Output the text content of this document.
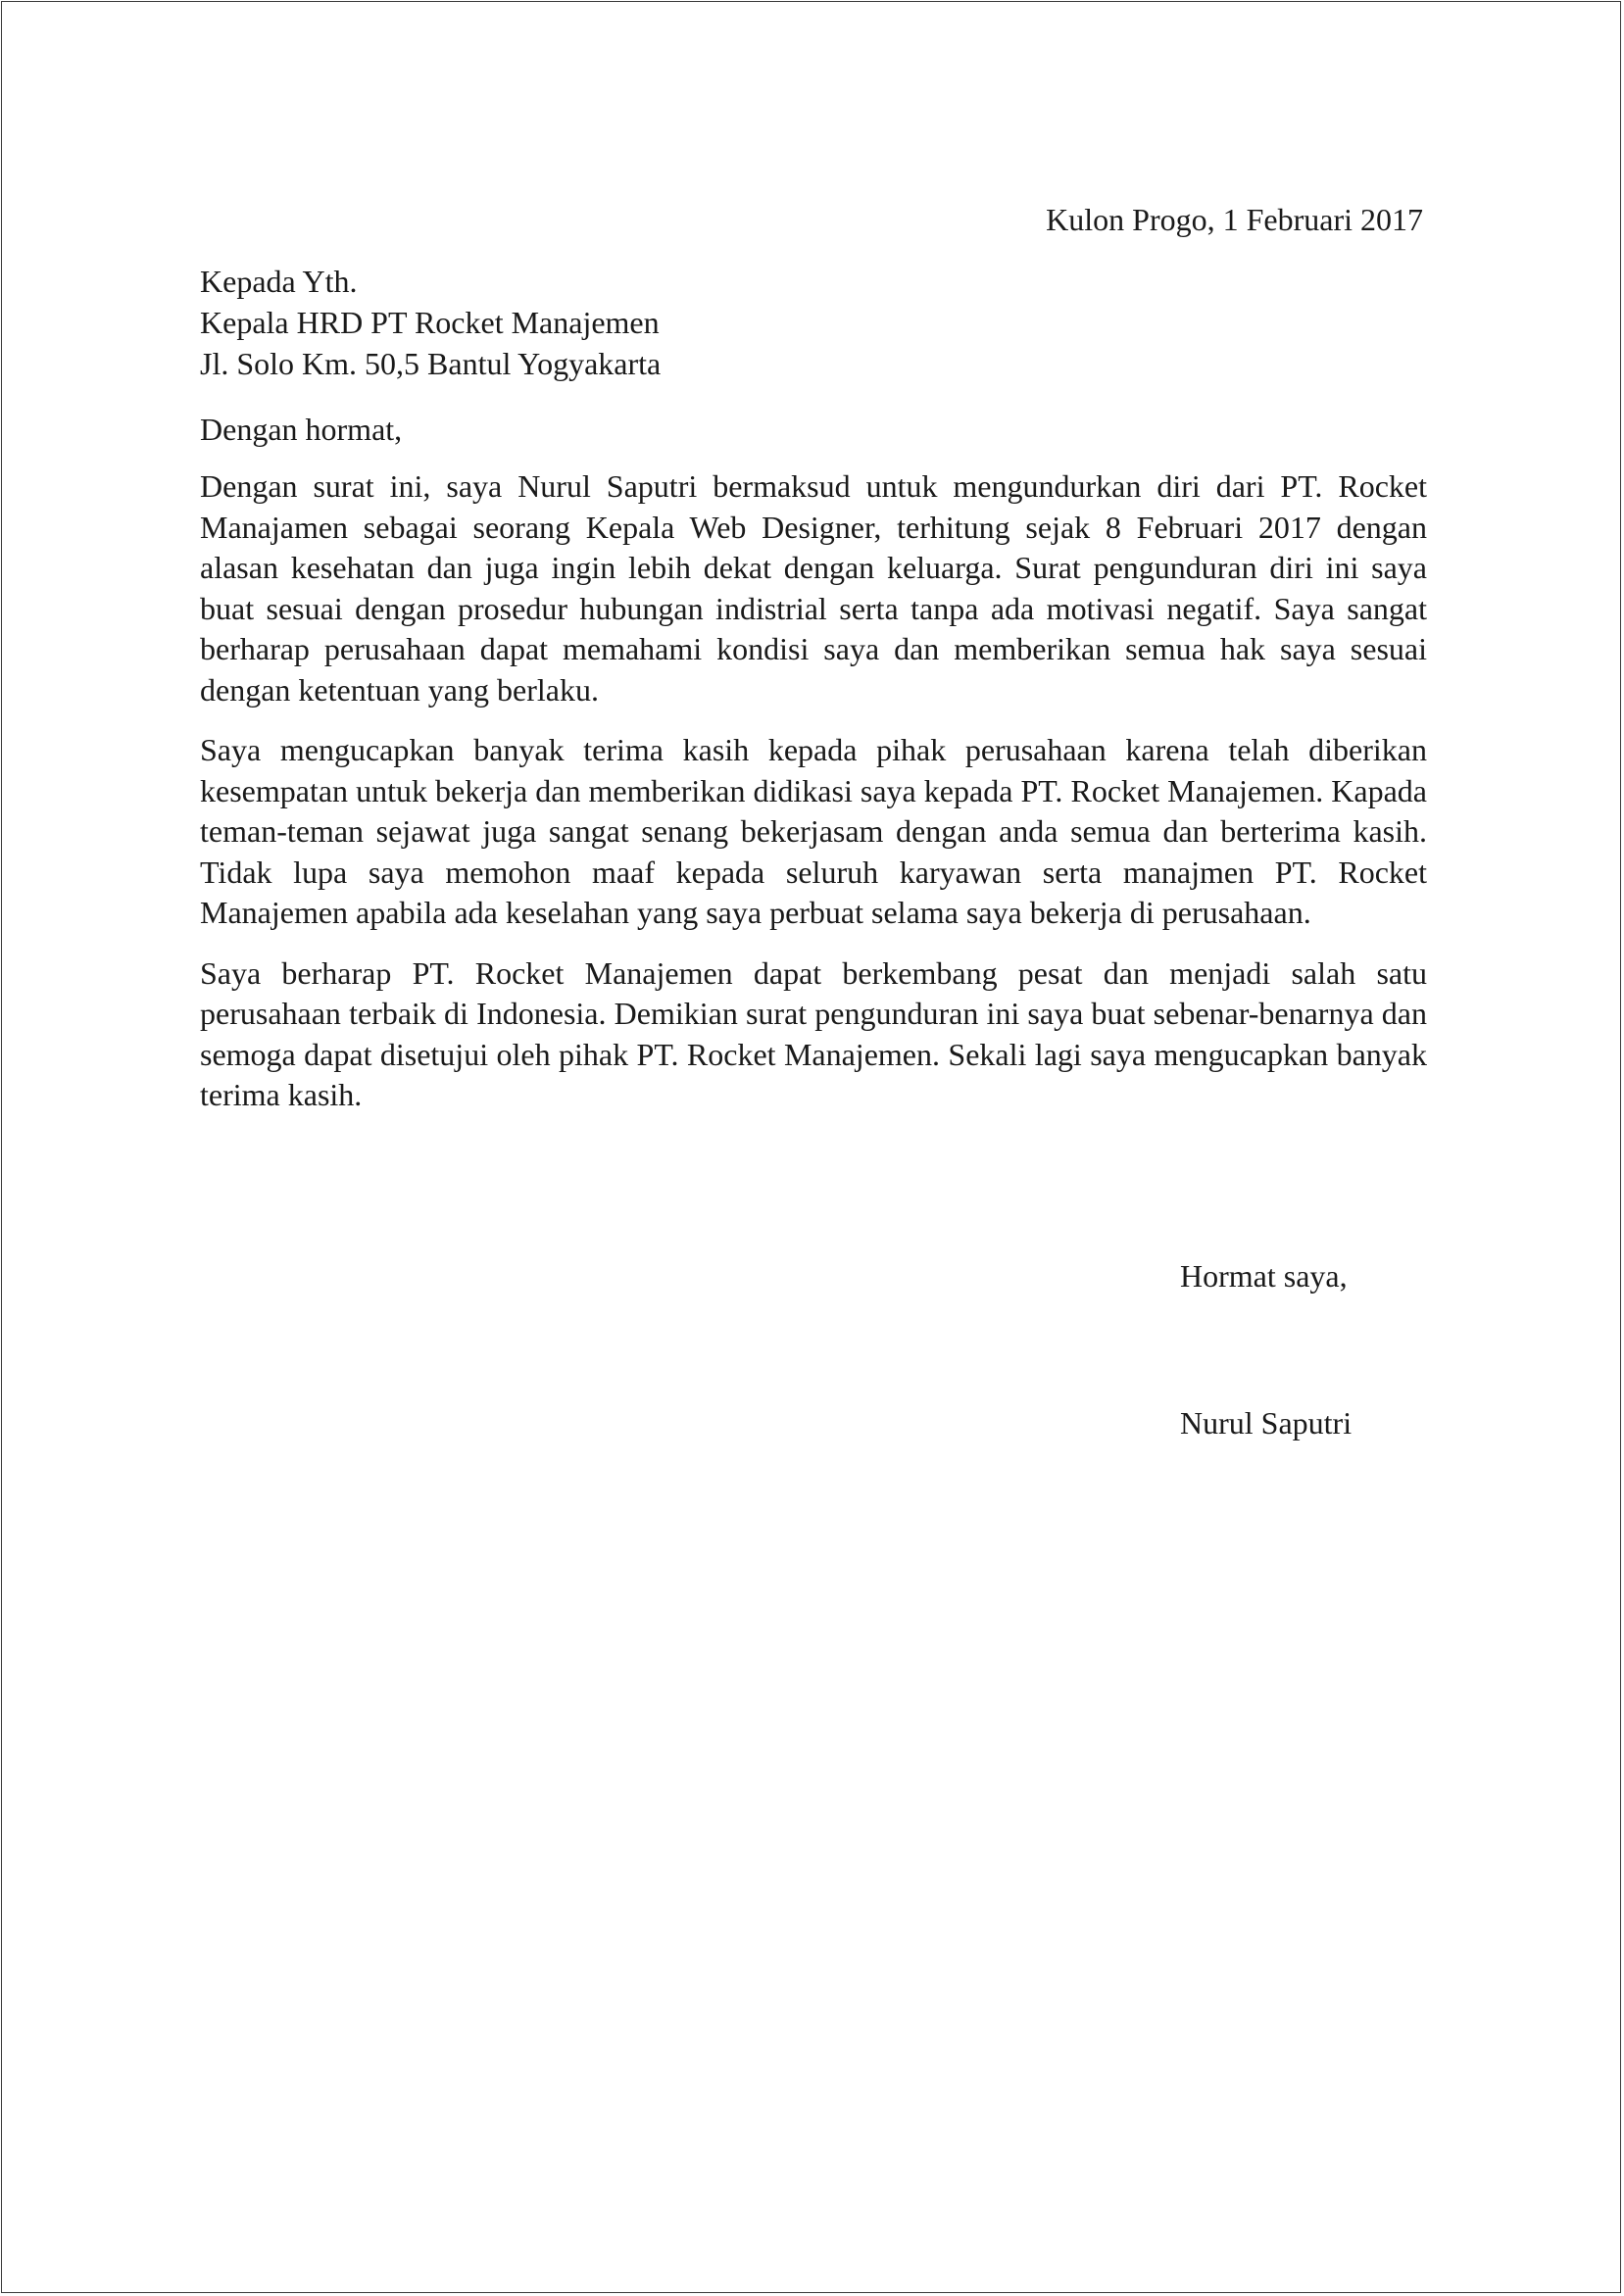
Kulon Progo, 1 Februari 2017
Kepada Yth.
Kepala HRD PT Rocket Manajemen
Jl. Solo Km. 50,5 Bantul Yogyakarta
Dengan hormat,

Dengan surat ini, saya Nurul Saputri bermaksud untuk mengundurkan diri dari PT. Rocket Manajamen sebagai seorang Kepala Web Designer, terhitung sejak 8 Februari 2017 dengan alasan kesehatan dan juga ingin lebih dekat dengan keluarga. Surat pengunduran diri ini saya buat sesuai dengan prosedur hubungan indistrial serta tanpa ada motivasi negatif. Saya sangat berharap perusahaan dapat memahami kondisi saya dan memberikan semua hak saya sesuai dengan ketentuan yang berlaku.

Saya mengucapkan banyak terima kasih kepada pihak perusahaan karena telah diberikan kesempatan untuk bekerja dan memberikan didikasi saya kepada PT. Rocket Manajemen. Kapada teman-teman sejawat juga sangat senang bekerjasam dengan anda semua dan berterima kasih. Tidak lupa saya memohon maaf kepada seluruh karyawan serta manajmen PT. Rocket Manajemen apabila ada keselahan yang saya perbuat selama saya bekerja di perusahaan.

Saya berharap PT. Rocket Manajemen dapat berkembang pesat dan menjadi salah satu perusahaan terbaik di Indonesia. Demikian surat pengunduran ini saya buat sebenar-benarnya dan semoga dapat disetujui oleh pihak PT. Rocket Manajemen. Sekali lagi saya mengucapkan banyak terima kasih.

Hormat saya,
Nurul Saputri
